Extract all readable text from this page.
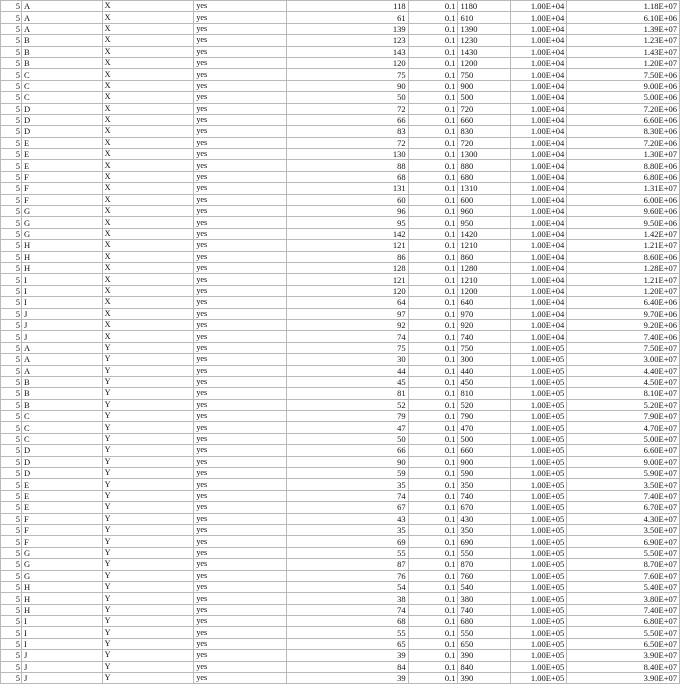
5	A	X	yes	118	0.1	1180	1.00E+04	1.18E+07
5	A	X	yes	61	0.1	610	1.00E+04	6.10E+06
5	A	X	yes	139	0.1	1390	1.00E+04	1.39E+07
5	B	X	yes	123	0.1	1230	1.00E+04	1.23E+07
5	B	X	yes	143	0.1	1430	1.00E+04	1.43E+07
5	B	X	yes	120	0.1	1200	1.00E+04	1.20E+07
5	C	X	yes	75	0.1	750	1.00E+04	7.50E+06
5	C	X	yes	90	0.1	900	1.00E+04	9.00E+06
5	C	X	yes	50	0.1	500	1.00E+04	5.00E+06
5	D	X	yes	72	0.1	720	1.00E+04	7.20E+06
5	D	X	yes	66	0.1	660	1.00E+04	6.60E+06
5	D	X	yes	83	0.1	830	1.00E+04	8.30E+06
5	E	X	yes	72	0.1	720	1.00E+04	7.20E+06
5	E	X	yes	130	0.1	1300	1.00E+04	1.30E+07
5	E	X	yes	88	0.1	880	1.00E+04	8.80E+06
5	F	X	yes	68	0.1	680	1.00E+04	6.80E+06
5	F	X	yes	131	0.1	1310	1.00E+04	1.31E+07
5	F	X	yes	60	0.1	600	1.00E+04	6.00E+06
5	G	X	yes	96	0.1	960	1.00E+04	9.60E+06
5	G	X	yes	95	0.1	950	1.00E+04	9.50E+06
5	G	X	yes	142	0.1	1420	1.00E+04	1.42E+07
5	H	X	yes	121	0.1	1210	1.00E+04	1.21E+07
5	H	X	yes	86	0.1	860	1.00E+04	8.60E+06
5	H	X	yes	128	0.1	1280	1.00E+04	1.28E+07
5	I	X	yes	121	0.1	1210	1.00E+04	1.21E+07
5	I	X	yes	120	0.1	1200	1.00E+04	1.20E+07
5	I	X	yes	64	0.1	640	1.00E+04	6.40E+06
5	J	X	yes	97	0.1	970	1.00E+04	9.70E+06
5	J	X	yes	92	0.1	920	1.00E+04	9.20E+06
5	J	X	yes	74	0.1	740	1.00E+04	7.40E+06
5	A	Y	yes	75	0.1	750	1.00E+05	7.50E+07
5	A	Y	yes	30	0.1	300	1.00E+05	3.00E+07
5	A	Y	yes	44	0.1	440	1.00E+05	4.40E+07
5	B	Y	yes	45	0.1	450	1.00E+05	4.50E+07
5	B	Y	yes	81	0.1	810	1.00E+05	8.10E+07
5	B	Y	yes	52	0.1	520	1.00E+05	5.20E+07
5	C	Y	yes	79	0.1	790	1.00E+05	7.90E+07
5	C	Y	yes	47	0.1	470	1.00E+05	4.70E+07
5	C	Y	yes	50	0.1	500	1.00E+05	5.00E+07
5	D	Y	yes	66	0.1	660	1.00E+05	6.60E+07
5	D	Y	yes	90	0.1	900	1.00E+05	9.00E+07
5	D	Y	yes	59	0.1	590	1.00E+05	5.90E+07
5	E	Y	yes	35	0.1	350	1.00E+05	3.50E+07
5	E	Y	yes	74	0.1	740	1.00E+05	7.40E+07
5	E	Y	yes	67	0.1	670	1.00E+05	6.70E+07
5	F	Y	yes	43	0.1	430	1.00E+05	4.30E+07
5	F	Y	yes	35	0.1	350	1.00E+05	3.50E+07
5	F	Y	yes	69	0.1	690	1.00E+05	6.90E+07
5	G	Y	yes	55	0.1	550	1.00E+05	5.50E+07
5	G	Y	yes	87	0.1	870	1.00E+05	8.70E+07
5	G	Y	yes	76	0.1	760	1.00E+05	7.60E+07
5	H	Y	yes	54	0.1	540	1.00E+05	5.40E+07
5	H	Y	yes	38	0.1	380	1.00E+05	3.80E+07
5	H	Y	yes	74	0.1	740	1.00E+05	7.40E+07
5	I	Y	yes	68	0.1	680	1.00E+05	6.80E+07
5	I	Y	yes	55	0.1	550	1.00E+05	5.50E+07
5	I	Y	yes	65	0.1	650	1.00E+05	6.50E+07
5	J	Y	yes	39	0.1	390	1.00E+05	3.90E+07
5	J	Y	yes	84	0.1	840	1.00E+05	8.40E+07
5	J	Y	yes	39	0.1	390	1.00E+05	3.90E+07
